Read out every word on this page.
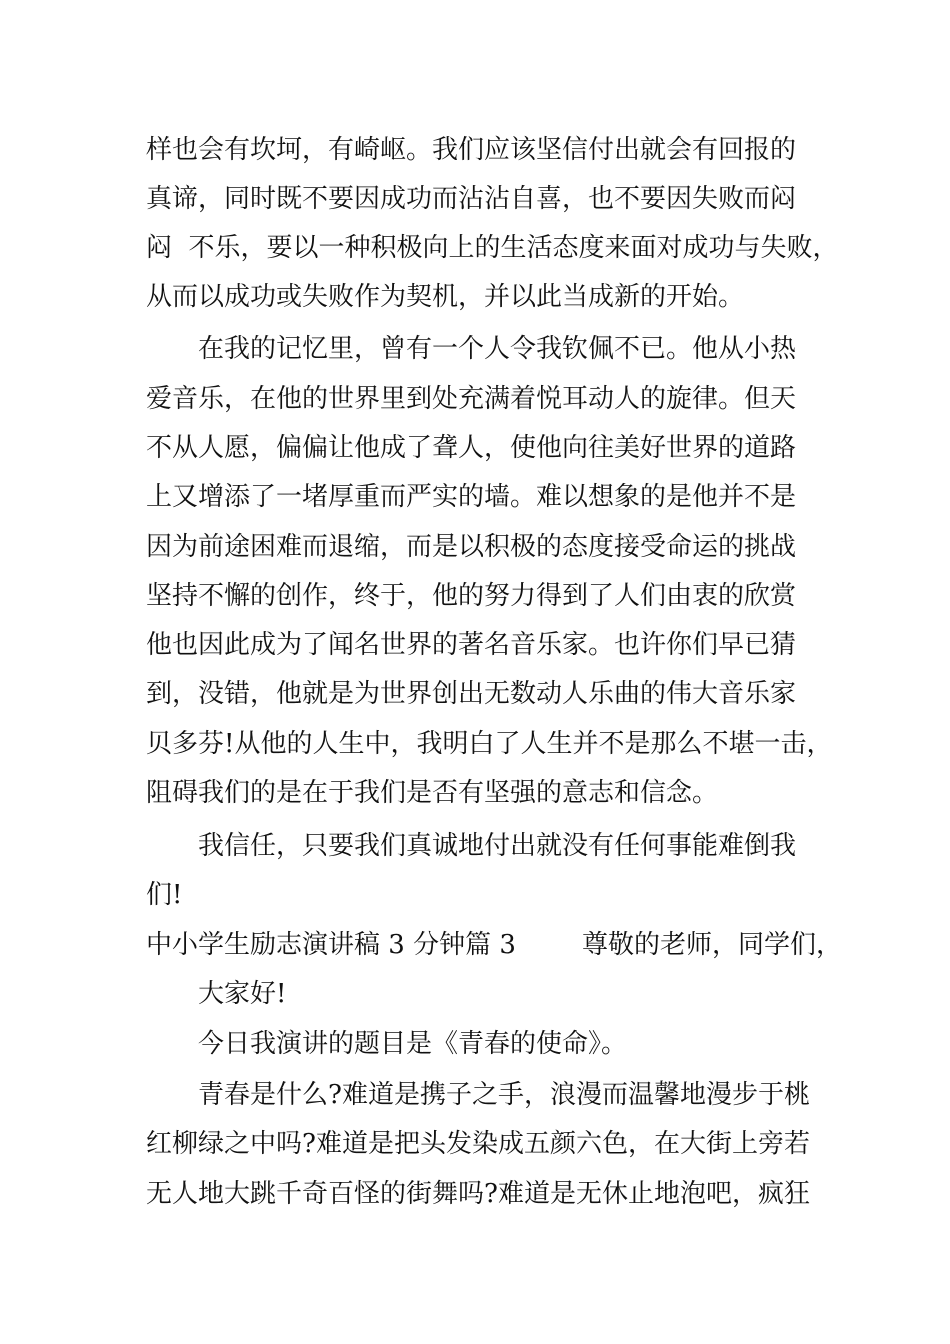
样也会有坎坷，有崎岖。我们应该坚信付出就会有回报的
真谛，同时既不要因成功而沾沾自喜，也不要因失败而闷
闷  不乐，要以一种积极向上的生活态度来面对成功与失败，
从而以成功或失败作为契机，并以此当成新的开始。
在我的记忆里，曾有一个人令我钦佩不已。他从小热
爱音乐，在他的世界里到处充满着悦耳动人的旋律。但天
不从人愿，偏偏让他成了聋人，使他向往美好世界的道路
上又增添了一堵厚重而严实的墙。难以想象的是他并不是
因为前途困难而退缩，而是以积极的态度接受命运的挑战
坚持不懈的创作，终于，他的努力得到了人们由衷的欣赏
他也因此成为了闻名世界的著名音乐家。也许你们早已猜
到，没错，他就是为世界创出无数动人乐曲的伟大音乐家
贝多芬!从他的人生中，我明白了人生并不是那么不堪一击，
阻碍我们的是在于我们是否有坚强的意志和信念。
我信任，只要我们真诚地付出就没有任何事能难倒我
们!
中小学生励志演讲稿 3 分钟篇 3        尊敬的老师，同学们，
大家好!
今日我演讲的题目是《青春的使命》。
青春是什么?难道是携子之手，浪漫而温馨地漫步于桃
红柳绿之中吗?难道是把头发染成五颜六色，在大街上旁若
无人地大跳千奇百怪的街舞吗?难道是无休止地泡吧，疯狂
